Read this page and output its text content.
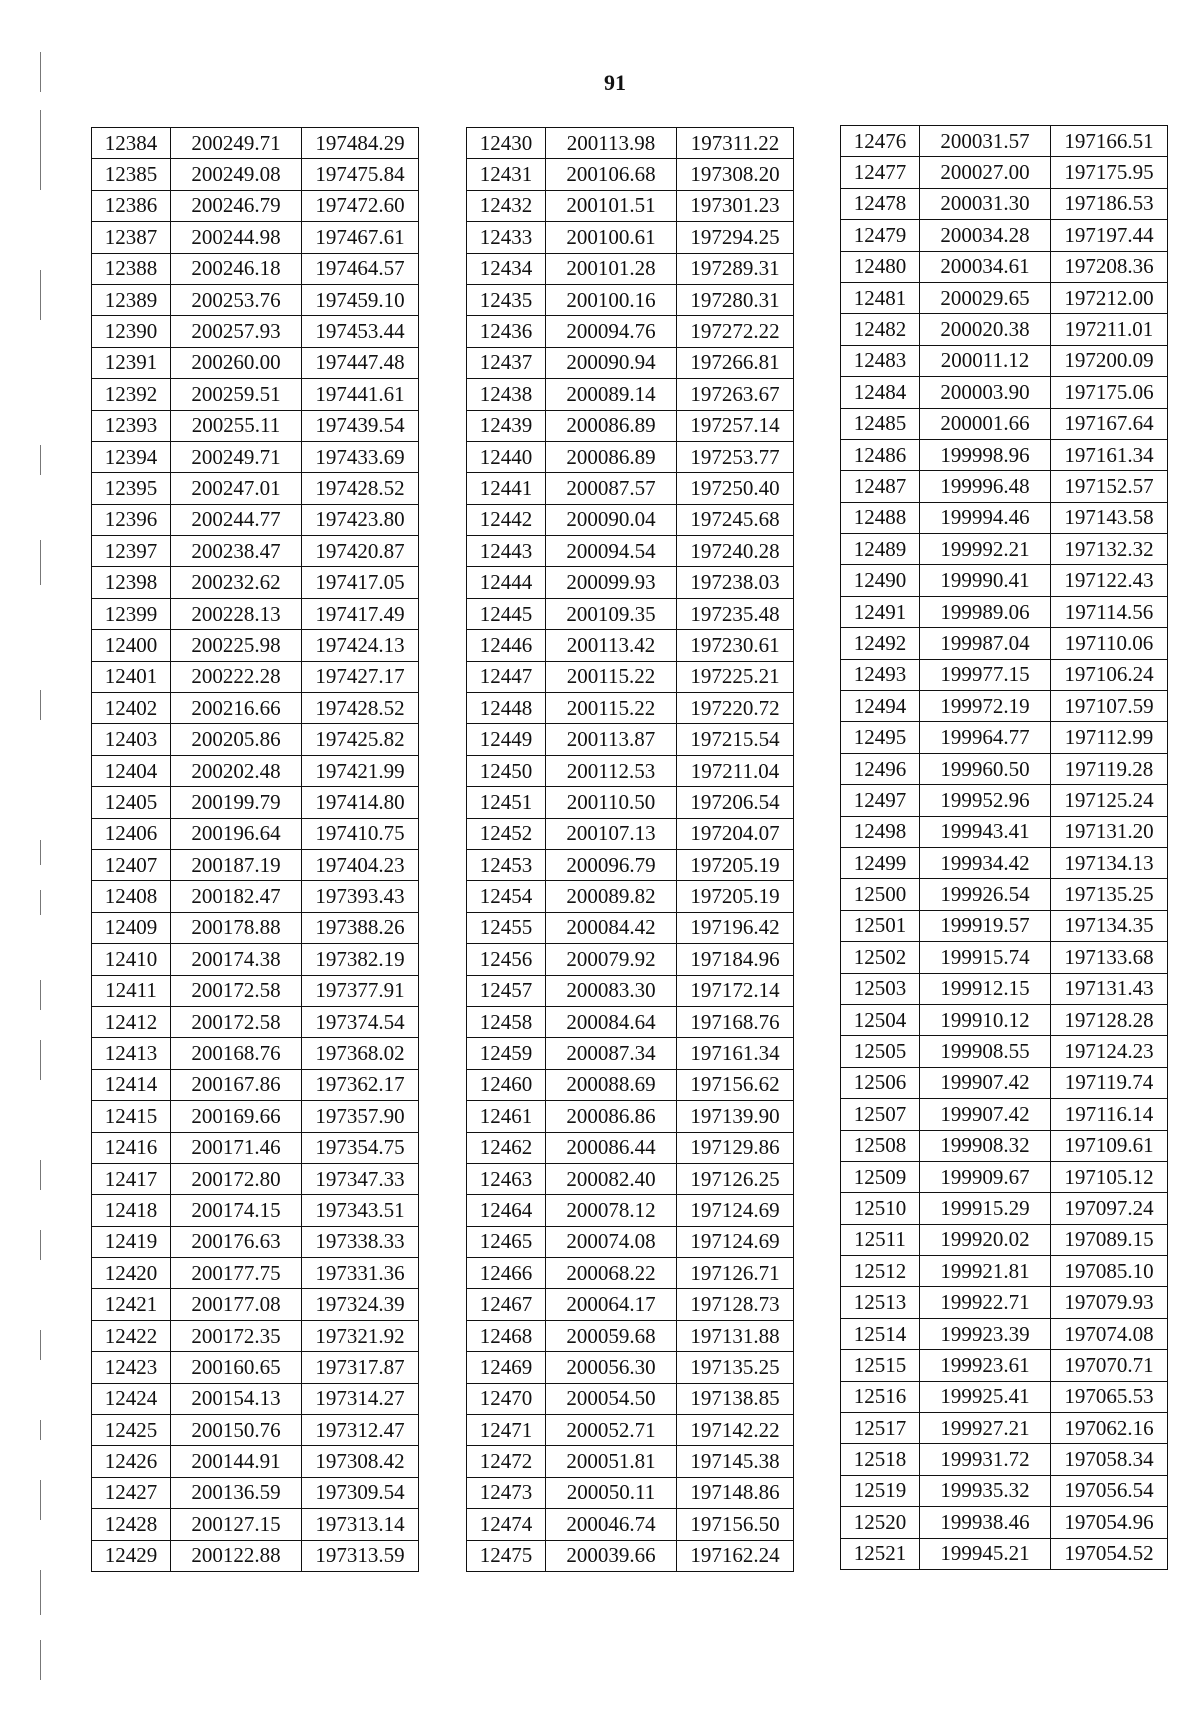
91
12384	200249.71	197484.29
12385	200249.08	197475.84
12386	200246.79	197472.60
12387	200244.98	197467.61
12388	200246.18	197464.57
12389	200253.76	197459.10
12390	200257.93	197453.44
12391	200260.00	197447.48
12392	200259.51	197441.61
12393	200255.11	197439.54
12394	200249.71	197433.69
12395	200247.01	197428.52
12396	200244.77	197423.80
12397	200238.47	197420.87
12398	200232.62	197417.05
12399	200228.13	197417.49
12400	200225.98	197424.13
12401	200222.28	197427.17
12402	200216.66	197428.52
12403	200205.86	197425.82
12404	200202.48	197421.99
12405	200199.79	197414.80
12406	200196.64	197410.75
12407	200187.19	197404.23
12408	200182.47	197393.43
12409	200178.88	197388.26
12410	200174.38	197382.19
12411	200172.58	197377.91
12412	200172.58	197374.54
12413	200168.76	197368.02
12414	200167.86	197362.17
12415	200169.66	197357.90
12416	200171.46	197354.75
12417	200172.80	197347.33
12418	200174.15	197343.51
12419	200176.63	197338.33
12420	200177.75	197331.36
12421	200177.08	197324.39
12422	200172.35	197321.92
12423	200160.65	197317.87
12424	200154.13	197314.27
12425	200150.76	197312.47
12426	200144.91	197308.42
12427	200136.59	197309.54
12428	200127.15	197313.14
12429	200122.88	197313.59
12430	200113.98	197311.22
12431	200106.68	197308.20
12432	200101.51	197301.23
12433	200100.61	197294.25
12434	200101.28	197289.31
12435	200100.16	197280.31
12436	200094.76	197272.22
12437	200090.94	197266.81
12438	200089.14	197263.67
12439	200086.89	197257.14
12440	200086.89	197253.77
12441	200087.57	197250.40
12442	200090.04	197245.68
12443	200094.54	197240.28
12444	200099.93	197238.03
12445	200109.35	197235.48
12446	200113.42	197230.61
12447	200115.22	197225.21
12448	200115.22	197220.72
12449	200113.87	197215.54
12450	200112.53	197211.04
12451	200110.50	197206.54
12452	200107.13	197204.07
12453	200096.79	197205.19
12454	200089.82	197205.19
12455	200084.42	197196.42
12456	200079.92	197184.96
12457	200083.30	197172.14
12458	200084.64	197168.76
12459	200087.34	197161.34
12460	200088.69	197156.62
12461	200086.86	197139.90
12462	200086.44	197129.86
12463	200082.40	197126.25
12464	200078.12	197124.69
12465	200074.08	197124.69
12466	200068.22	197126.71
12467	200064.17	197128.73
12468	200059.68	197131.88
12469	200056.30	197135.25
12470	200054.50	197138.85
12471	200052.71	197142.22
12472	200051.81	197145.38
12473	200050.11	197148.86
12474	200046.74	197156.50
12475	200039.66	197162.24
12476	200031.57	197166.51
12477	200027.00	197175.95
12478	200031.30	197186.53
12479	200034.28	197197.44
12480	200034.61	197208.36
12481	200029.65	197212.00
12482	200020.38	197211.01
12483	200011.12	197200.09
12484	200003.90	197175.06
12485	200001.66	197167.64
12486	199998.96	197161.34
12487	199996.48	197152.57
12488	199994.46	197143.58
12489	199992.21	197132.32
12490	199990.41	197122.43
12491	199989.06	197114.56
12492	199987.04	197110.06
12493	199977.15	197106.24
12494	199972.19	197107.59
12495	199964.77	197112.99
12496	199960.50	197119.28
12497	199952.96	197125.24
12498	199943.41	197131.20
12499	199934.42	197134.13
12500	199926.54	197135.25
12501	199919.57	197134.35
12502	199915.74	197133.68
12503	199912.15	197131.43
12504	199910.12	197128.28
12505	199908.55	197124.23
12506	199907.42	197119.74
12507	199907.42	197116.14
12508	199908.32	197109.61
12509	199909.67	197105.12
12510	199915.29	197097.24
12511	199920.02	197089.15
12512	199921.81	197085.10
12513	199922.71	197079.93
12514	199923.39	197074.08
12515	199923.61	197070.71
12516	199925.41	197065.53
12517	199927.21	197062.16
12518	199931.72	197058.34
12519	199935.32	197056.54
12520	199938.46	197054.96
12521	199945.21	197054.52
